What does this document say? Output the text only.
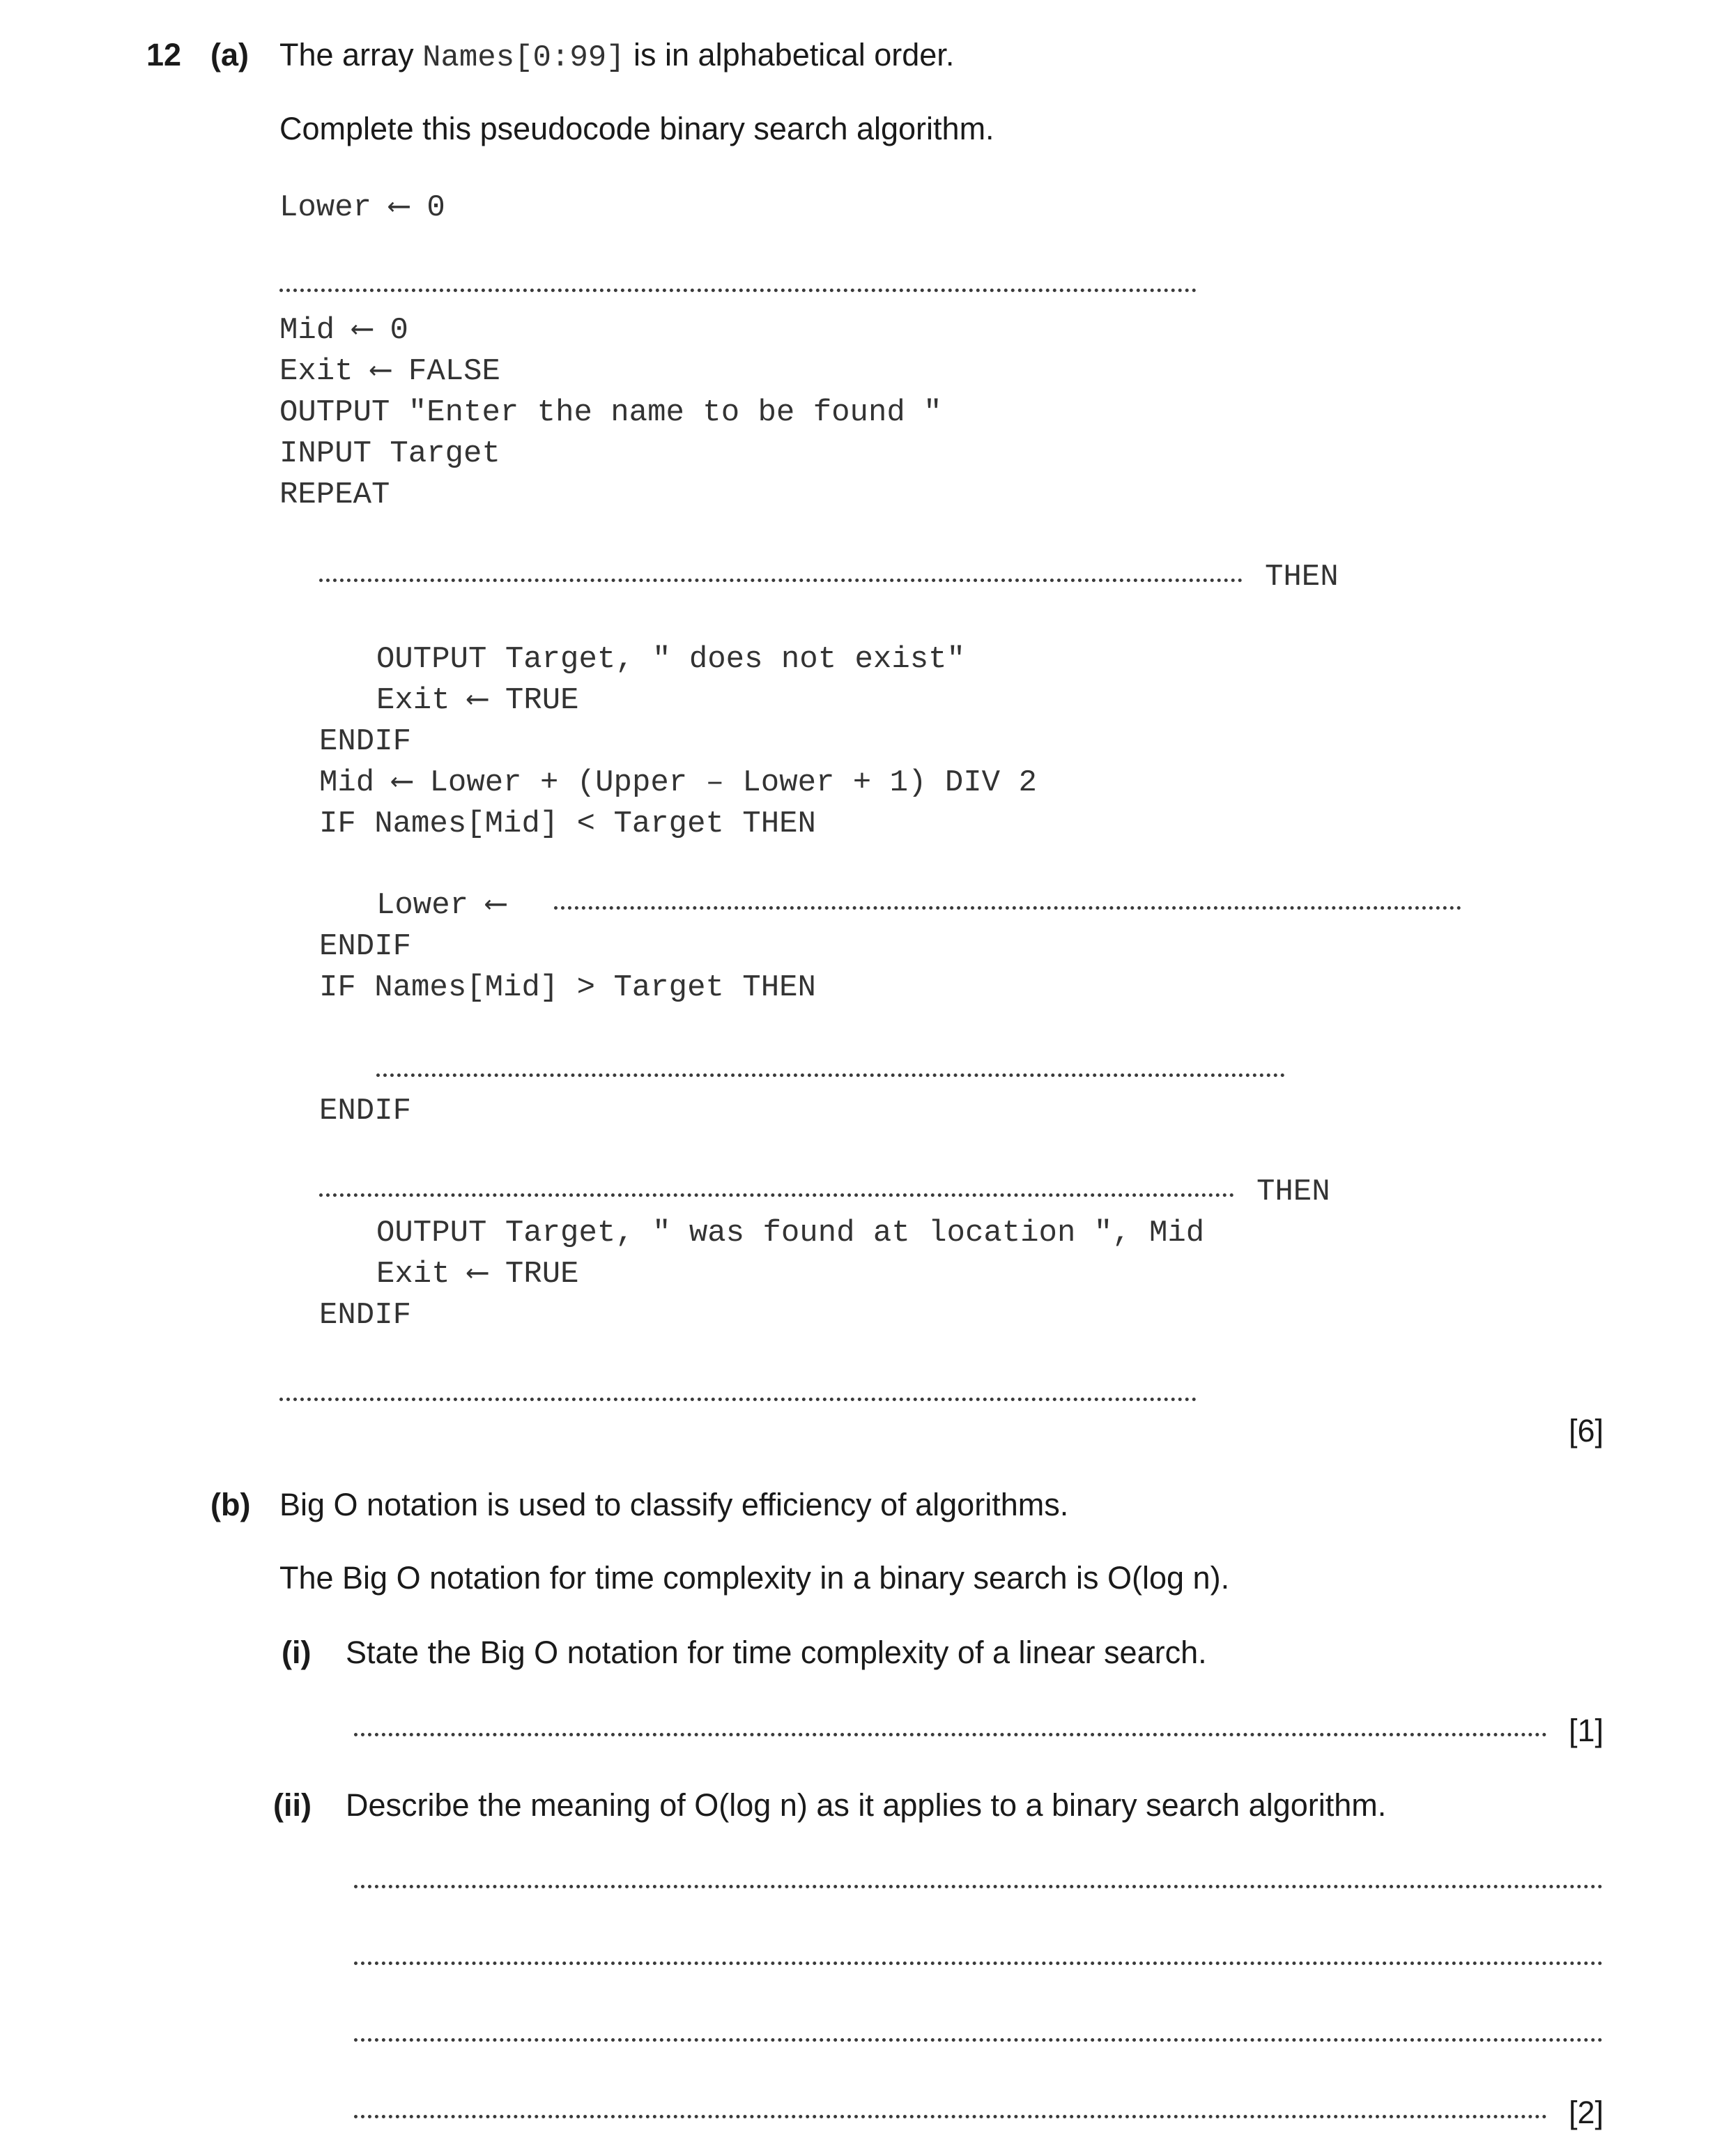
12 (a) The array Names[0:99] is in alphabetical order.
Complete this pseudocode binary search algorithm.
Lower ⟵ 0
Mid ⟵ 0
Exit ⟵ FALSE
OUTPUT "Enter the name to be found "
INPUT Target
REPEAT
THEN
OUTPUT Target, " does not exist"
Exit ⟵ TRUE
ENDIF
Mid ⟵ Lower + (Upper – Lower + 1) DIV 2
IF Names[Mid] < Target THEN
Lower ⟵
ENDIF
IF Names[Mid] > Target THEN
ENDIF
THEN
OUTPUT Target, " was found at location ", Mid
Exit ⟵ TRUE
ENDIF
[6]
(b) Big O notation is used to classify efficiency of algorithms.
The Big O notation for time complexity in a binary search is O(log n).
(i) State the Big O notation for time complexity of a linear search.
[1]
(ii) Describe the meaning of O(log n) as it applies to a binary search algorithm.
[2]
